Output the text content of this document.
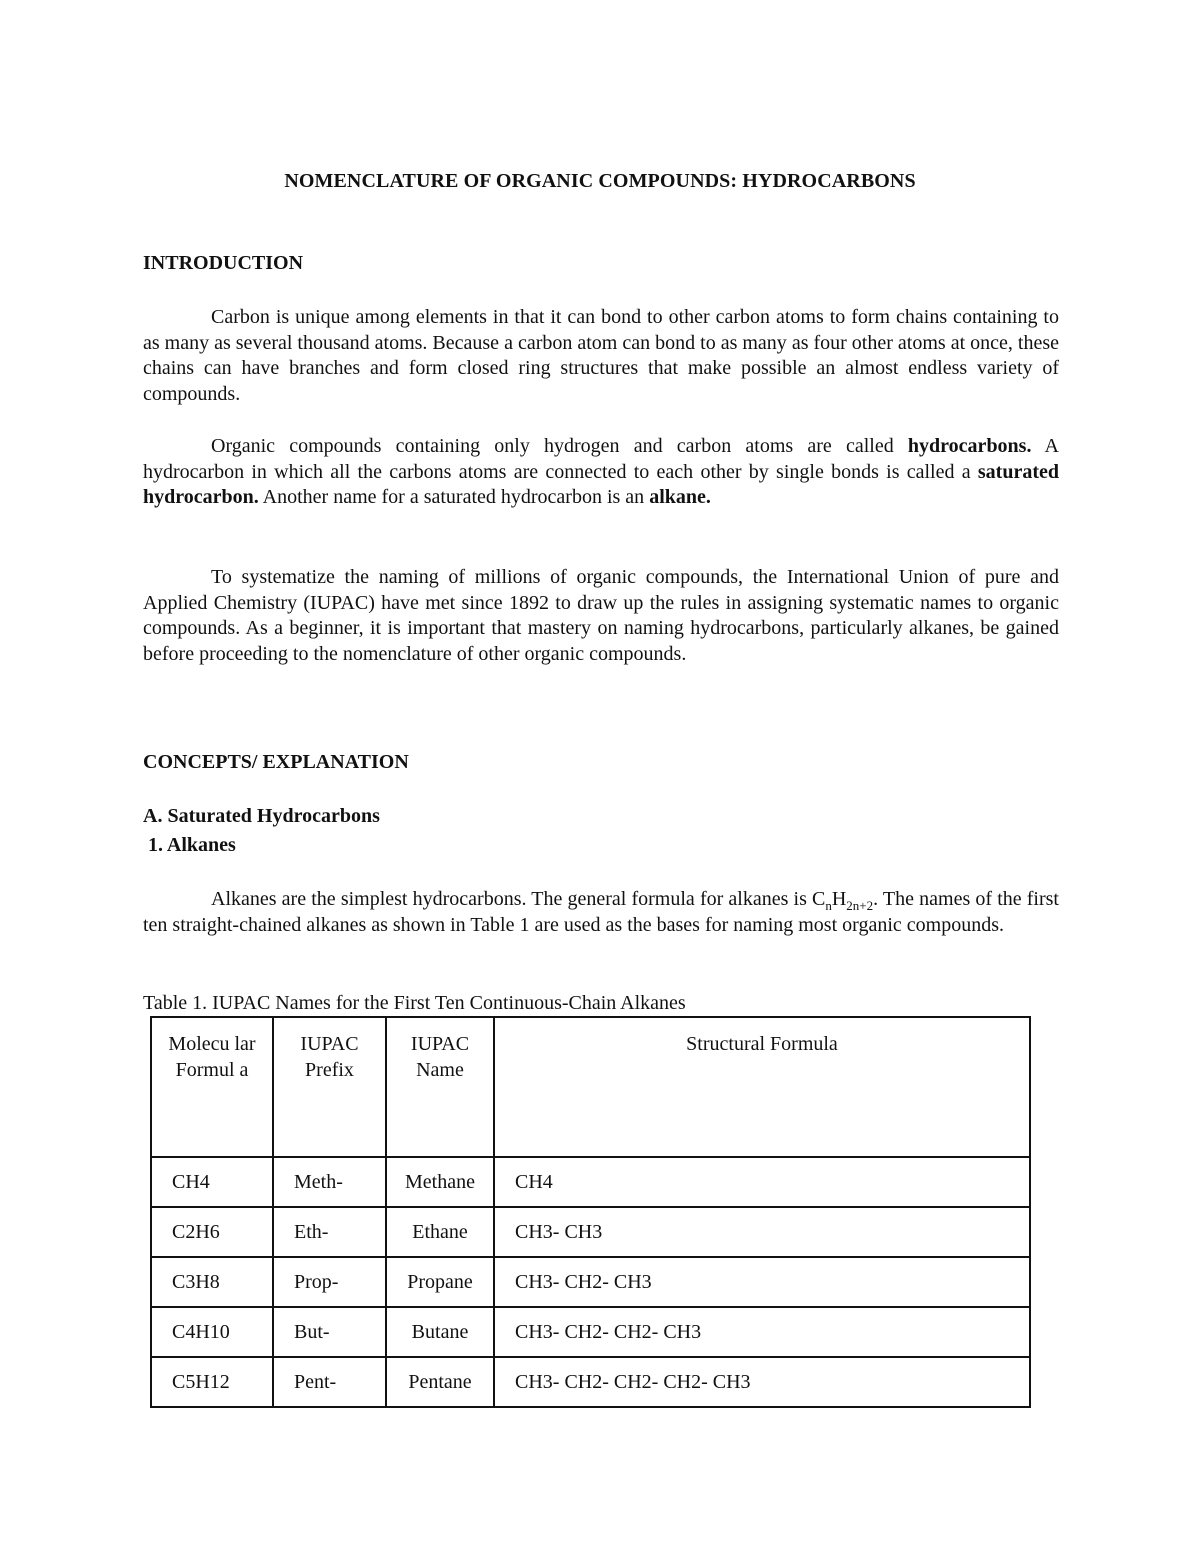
NOMENCLATURE OF ORGANIC COMPOUNDS: HYDROCARBONS
INTRODUCTION

Carbon is unique among elements in that it can bond to other carbon atoms to form chains containing to as many as several thousand atoms. Because a carbon atom can bond to as many as four other atoms at once, these chains can have branches and form closed ring structures that make possible an almost endless variety of compounds.

Organic compounds containing only hydrogen and carbon atoms are called hydrocarbons. A hydrocarbon in which all the carbons atoms are connected to each other by single bonds is called a saturated hydrocarbon. Another name for a saturated hydrocarbon is an alkane.

To systematize the naming of millions of organic compounds, the International Union of pure and Applied Chemistry (IUPAC) have met since 1892 to draw up the rules in assigning systematic names to organic compounds. As a beginner, it is important that mastery on naming hydrocarbons, particularly alkanes, be gained before proceeding to the nomenclature of other organic compounds.

CONCEPTS/ EXPLANATION
A. Saturated Hydrocarbons
1. Alkanes

Alkanes are the simplest hydrocarbons. The general formula for alkanes is $C_nH_{2n+2}$. The names of the first ten straight-chained alkanes as shown in Table 1 are used as the bases for naming most organic compounds.

Table 1. IUPAC Names for the First Ten Continuous-Chain Alkanes
Molecu lar Formul a	IUPAC Prefix	IUPAC Name	Structural Formula
CH4	Meth-	Methane	CH4
C2H6	Eth-	Ethane	CH3- CH3
C3H8	Prop-	Propane	CH3- CH2- CH3
C4H10	But-	Butane	CH3- CH2- CH2- CH3
C5H12	Pent-	Pentane	CH3- CH2- CH2- CH2- CH3
